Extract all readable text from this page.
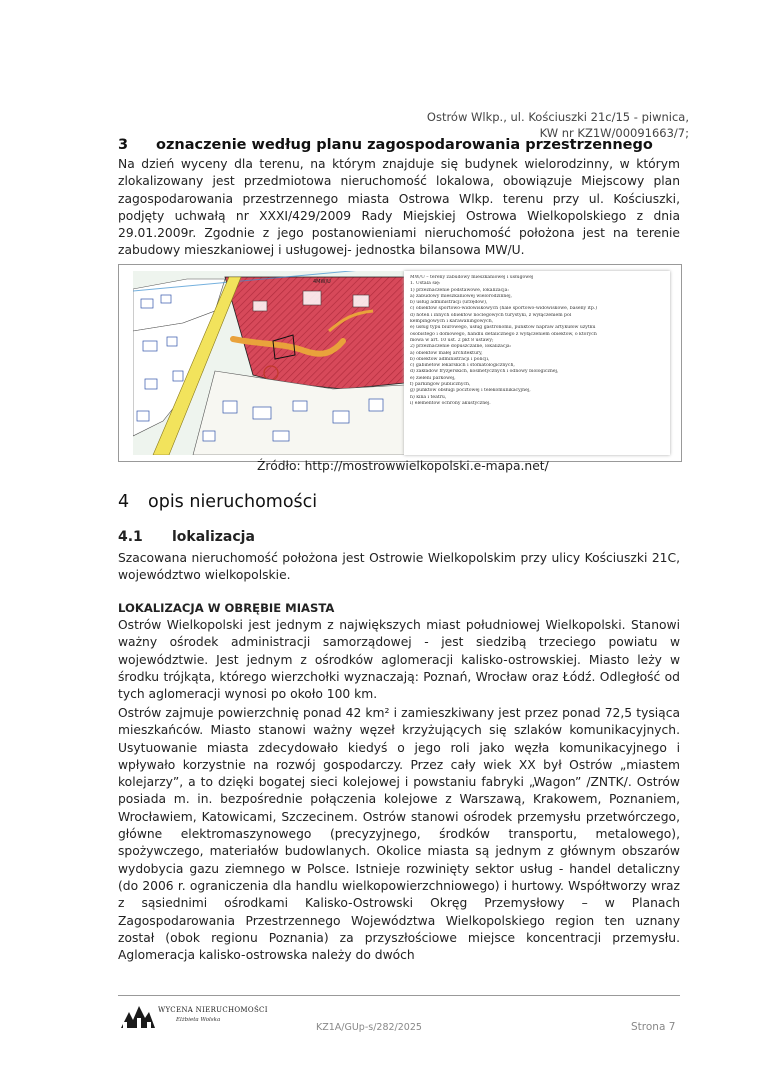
Ostrów Wlkp., ul. Kościuszki 21c/15 - piwnica,
KW nr KZ1W/00091663/7;
3 oznaczenie według planu zagospodarowania przestrzennego
Na dzień wyceny dla terenu, na którym znajduje się budynek wielorodzinny, w którym zlokalizowany jest przedmiotowa nieruchomość lokalowa, obowiązuje Miejscowy plan zagospodarowania przestrzennego miasta Ostrowa Wlkp. terenu przy ul. Kościuszki, podjęty uchwałą nr XXXI/429/2009 Rady Miejskiej Ostrowa Wielkopolskiego z dnia 29.01.2009r. Zgodnie z jego postanowieniami nieruchomość położona jest na terenie zabudowy mieszkaniowej i usługowej- jednostka bilansowa MW/U.
4MW/U
MW/U – tereny zabudowy mieszkaniowej i usługowej
1. Ustala się:
1) przeznaczenie podstawowe, lokalizacja:
a) zabudowy mieszkaniowej wielorodzinnej,
b) usług administracji (urzędów),
c) obiektów sportowo-widowiskowych (hale sportowo-widowiskowe, baseny itp.)
d) hoteli i innych obiektów noclegowych turystyki, z wyłączeniem pól
kempingowych i karawaningowych,
e) usług typu biurowego, usług gastronomii, punktów napraw artykułów użytku
osobistego i domowego, handlu detalicznego z wyłączeniem obiektów, o których
mowa w art. 10 ust. 2 pkt 8 ustawy;
2) przeznaczenie dopuszczalne, lokalizacja:
a) obiektów małej architektury,
b) obiektów administracji i policji,
c) gabinetów lekarskich i stomatologicznych,
d) zakładów fryzjerskich, kosmetycznych i odnowy biologicznej,
e) zieleni parkowej,
f) parkingów publicznych,
g) punktów obsługi pocztowej i telekomunikacyjnej,
h) kina i teatru,
i) elementów ochrony akustycznej.
Źródło: http://mostrowwielkopolski.e-mapa.net/
4 opis nieruchomości
4.1 lokalizacja
Szacowana nieruchomość położona jest Ostrowie Wielkopolskim przy ulicy Kościuszki 21C, województwo wielkopolskie.
LOKALIZACJA W OBRĘBIE MIASTA
Ostrów Wielkopolski jest jednym z największych miast południowej Wielkopolski. Stanowi ważny ośrodek administracji samorządowej - jest siedzibą trzeciego powiatu w województwie. Jest jednym z ośrodków aglomeracji kalisko-ostrowskiej. Miasto leży w środku trójkąta, którego wierzchołki wyznaczają: Poznań, Wrocław oraz Łódź. Odległość od tych aglomeracji wynosi po około 100 km.
Ostrów zajmuje powierzchnię ponad 42 km² i zamieszkiwany jest przez ponad 72,5 tysiąca mieszkańców. Miasto stanowi ważny węzeł krzyżujących się szlaków komunikacyjnych. Usytuowanie miasta zdecydowało kiedyś o jego roli jako węzła komunikacyjnego i wpływało korzystnie na rozwój gospodarczy. Przez cały wiek XX był Ostrów „miastem kolejarzy”, a to dzięki bogatej sieci kolejowej i powstaniu fabryki „Wagon” /ZNTK/. Ostrów posiada m. in. bezpośrednie połączenia kolejowe z Warszawą, Krakowem, Poznaniem, Wrocławiem, Katowicami, Szczecinem. Ostrów stanowi ośrodek przemysłu przetwórczego, główne elektromaszynowego (precyzyjnego, środków transportu, metalowego), spożywczego, materiałów budowlanych. Okolice miasta są jednym z głównym obszarów wydobycia gazu ziemnego w Polsce. Istnieje rozwinięty sektor usług - handel detaliczny (do 2006 r. ograniczenia dla handlu wielkopowierzchniowego) i hurtowy. Współtworzy wraz z sąsiednimi ośrodkami Kalisko-Ostrowski Okręg Przemysłowy – w Planach Zagospodarowania Przestrzennego Województwa Wielkopolskiego region ten uznany został (obok regionu Poznania) za przyszłościowe miejsce koncentracji przemysłu. Aglomeracja kalisko-ostrowska należy do dwóch
WYCENA NIERUCHOMOŚCI
Elżbieta Wolska
KZ1A/GUp-s/282/2025	Strona 7
